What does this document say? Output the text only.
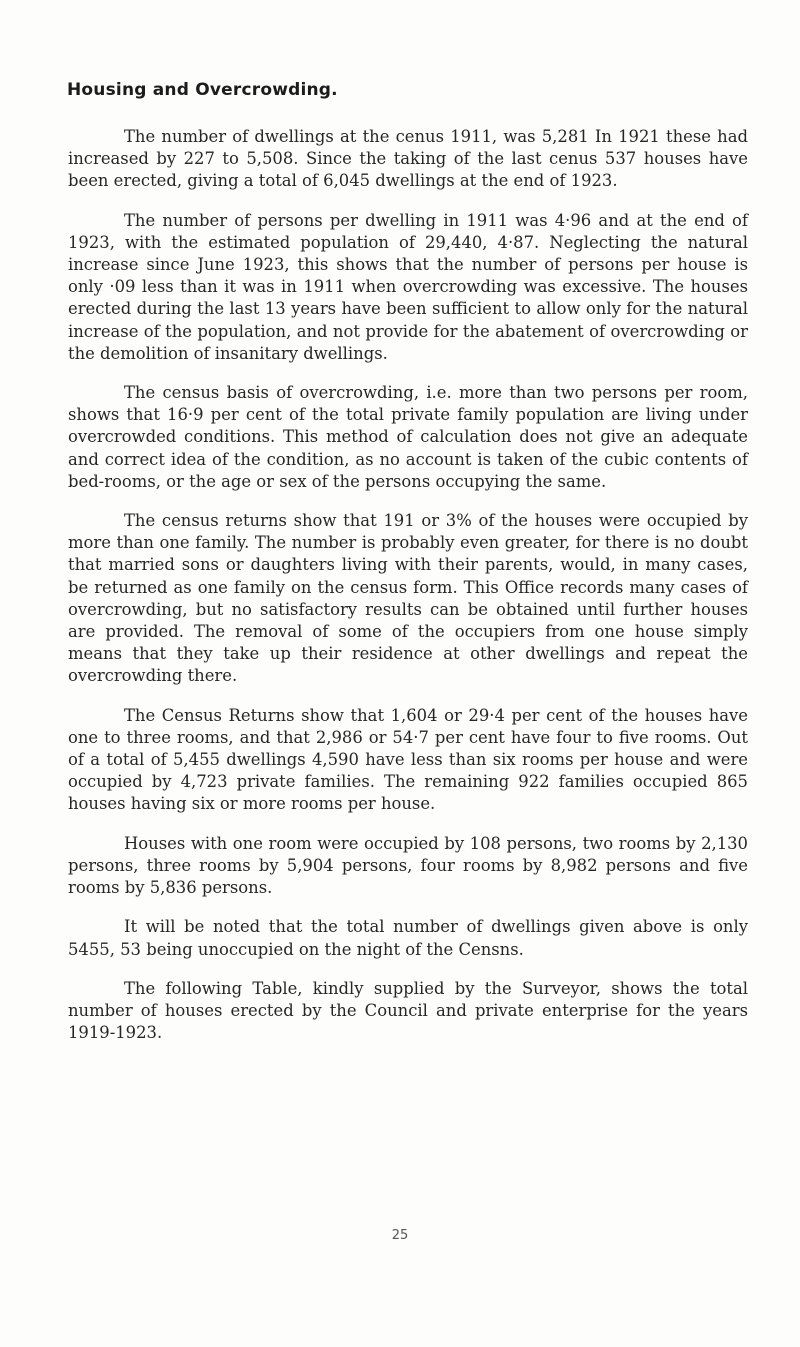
Housing and Overcrowding.

The number of dwellings at the cenus 1911, was 5,281 In 1921 these had increased by 227 to 5,508. Since the taking of the last cenus 537 houses have been erected, giving a total of 6,045 dwellings at the end of 1923.

The number of persons per dwelling in 1911 was 4·96 and at the end of 1923, with the estimated population of 29,440, 4·87. Neglecting the natural increase since June 1923, this shows that the number of persons per house is only ·09 less than it was in 1911 when overcrowding was excessive. The houses erected during the last 13 years have been sufficient to allow only for the natural increase of the population, and not provide for the abatement of overcrowding or the demolition of insanitary dwellings.

The census basis of overcrowding, i.e. more than two persons per room, shows that 16·9 per cent of the total private family population are living under overcrowded conditions. This method of calculation does not give an adequate and correct idea of the condition, as no account is taken of the cubic contents of bed-rooms, or the age or sex of the persons occupying the same.

The census returns show that 191 or 3% of the houses were occupied by more than one family. The number is probably even greater, for there is no doubt that married sons or daughters living with their parents, would, in many cases, be returned as one family on the census form. This Office records many cases of overcrowding, but no satisfactory results can be obtained until further houses are provided. The removal of some of the occupiers from one house simply means that they take up their residence at other dwellings and repeat the overcrowding there.

The Census Returns show that 1,604 or 29·4 per cent of the houses have one to three rooms, and that 2,986 or 54·7 per cent have four to five rooms. Out of a total of 5,455 dwellings 4,590 have less than six rooms per house and were occupied by 4,723 private families. The remaining 922 families occupied 865 houses having six or more rooms per house.

Houses with one room were occupied by 108 persons, two rooms by 2,130 persons, three rooms by 5,904 persons, four rooms by 8,982 persons and five rooms by 5,836 persons.

It will be noted that the total number of dwellings given above is only 5455, 53 being unoccupied on the night of the Censns.

The following Table, kindly supplied by the Surveyor, shows the total number of houses erected by the Council and private enterprise for the years 1919-1923.

25
